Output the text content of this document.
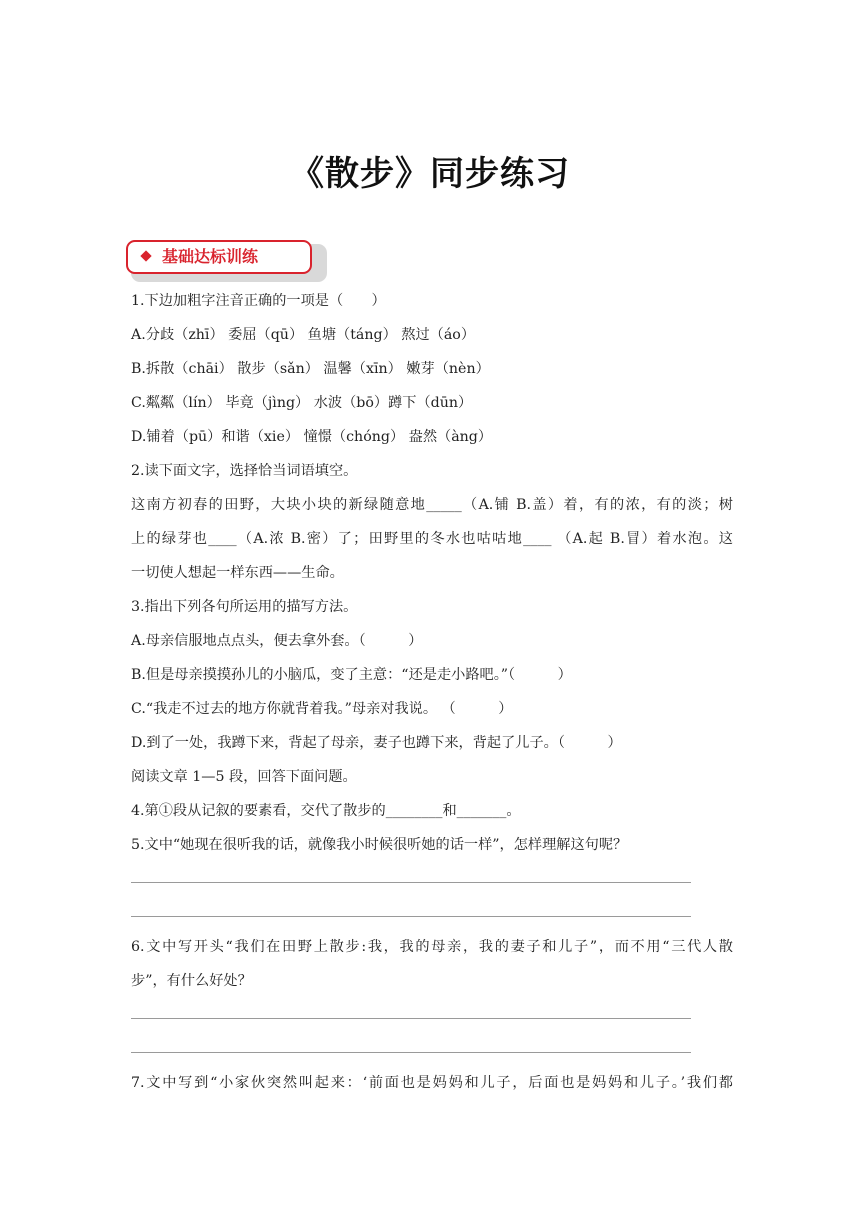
《散步》同步练习
基础达标训练
1.下边加粗字注音正确的一项是（　　）
A.分歧（zhī） 委屈（qū） 鱼塘（táng） 熬过（áo）
B.拆散（chāi） 散步（sǎn） 温馨（xīn） 嫩芽（nèn）
C.粼粼（lín） 毕竟（jìng） 水波（bō）蹲下（dūn）
D.铺着（pū）和谐（xie） 憧憬（chóng） 盎然（àng）
2.读下面文字，选择恰当词语填空。
这南方初春的田野，大块小块的新绿随意地_____（A.铺 B.盖）着，有的浓，有的淡；树
上的绿芽也____（A.浓 B.密）了；田野里的冬水也咕咕地____ （A.起 B.冒）着水泡。这
一切使人想起一样东西——生命。
3.指出下列各句所运用的描写方法。
A.母亲信服地点点头，便去拿外套。（　　　）
B.但是母亲摸摸孙儿的小脑瓜，变了主意：“还是走小路吧。”（　　　）
C.“我走不过去的地方你就背着我。”母亲对我说。 （　　　）
D.到了一处，我蹲下来，背起了母亲，妻子也蹲下来，背起了儿子。（　　　）
阅读文章 1—5 段，回答下面问题。
4.第①段从记叙的要素看，交代了散步的________和_______。
5.文中“她现在很听我的话，就像我小时候很听她的话一样”，怎样理解这句呢？
6.文中写开头“我们在田野上散步:我，我的母亲，我的妻子和儿子”，而不用“三代人散
步”，有什么好处？
7.文中写到“小家伙突然叫起来：‘前面也是妈妈和儿子，后面也是妈妈和儿子。’我们都
